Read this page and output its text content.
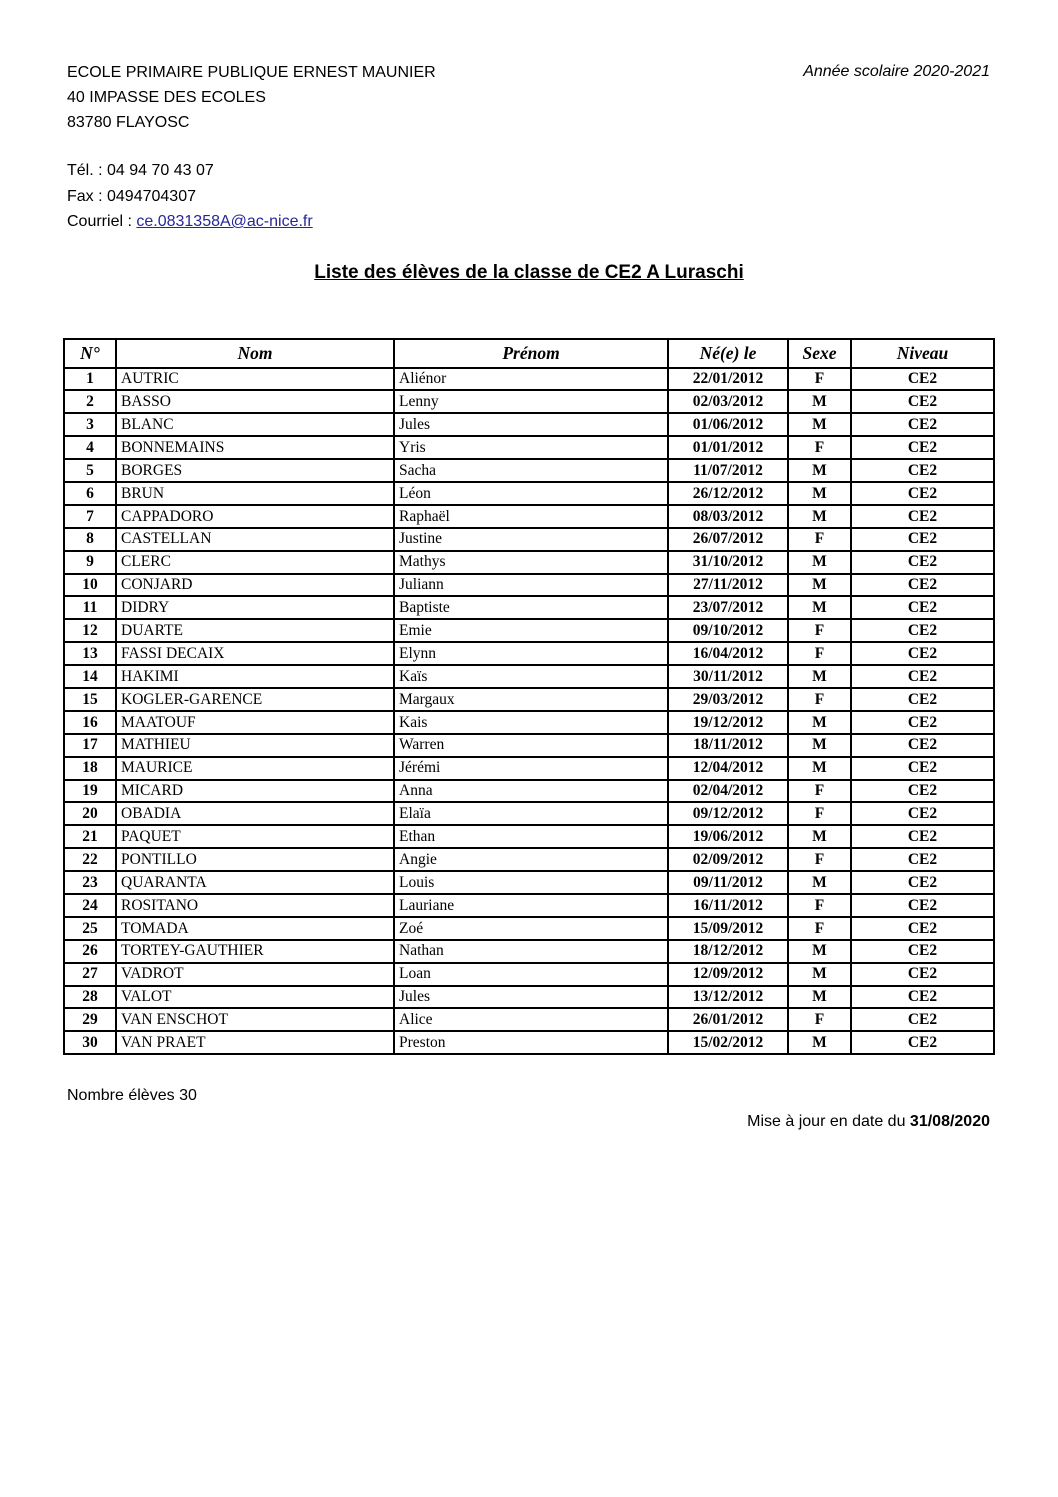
ECOLE PRIMAIRE PUBLIQUE ERNEST MAUNIER
40 IMPASSE DES ECOLES
83780 FLAYOSC
Année scolaire 2020-2021
Tél. : 04 94 70 43 07
Fax : 0494704307
Courriel : ce.0831358A@ac-nice.fr
Liste des élèves de la classe de CE2 A Luraschi
N°	Nom	Prénom	Né(e) le	Sexe	Niveau
1	AUTRIC	Aliénor	22/01/2012	F	CE2
2	BASSO	Lenny	02/03/2012	M	CE2
3	BLANC	Jules	01/06/2012	M	CE2
4	BONNEMAINS	Yris	01/01/2012	F	CE2
5	BORGES	Sacha	11/07/2012	M	CE2
6	BRUN	Léon	26/12/2012	M	CE2
7	CAPPADORO	Raphaël	08/03/2012	M	CE2
8	CASTELLAN	Justine	26/07/2012	F	CE2
9	CLERC	Mathys	31/10/2012	M	CE2
10	CONJARD	Juliann	27/11/2012	M	CE2
11	DIDRY	Baptiste	23/07/2012	M	CE2
12	DUARTE	Emie	09/10/2012	F	CE2
13	FASSI DECAIX	Elynn	16/04/2012	F	CE2
14	HAKIMI	Kaïs	30/11/2012	M	CE2
15	KOGLER-GARENCE	Margaux	29/03/2012	F	CE2
16	MAATOUF	Kais	19/12/2012	M	CE2
17	MATHIEU	Warren	18/11/2012	M	CE2
18	MAURICE	Jérémi	12/04/2012	M	CE2
19	MICARD	Anna	02/04/2012	F	CE2
20	OBADIA	Elaïa	09/12/2012	F	CE2
21	PAQUET	Ethan	19/06/2012	M	CE2
22	PONTILLO	Angie	02/09/2012	F	CE2
23	QUARANTA	Louis	09/11/2012	M	CE2
24	ROSITANO	Lauriane	16/11/2012	F	CE2
25	TOMADA	Zoé	15/09/2012	F	CE2
26	TORTEY-GAUTHIER	Nathan	18/12/2012	M	CE2
27	VADROT	Loan	12/09/2012	M	CE2
28	VALOT	Jules	13/12/2012	M	CE2
29	VAN ENSCHOT	Alice	26/01/2012	F	CE2
30	VAN PRAET	Preston	15/02/2012	M	CE2
Nombre élèves 30
Mise à jour en date du 31/08/2020
